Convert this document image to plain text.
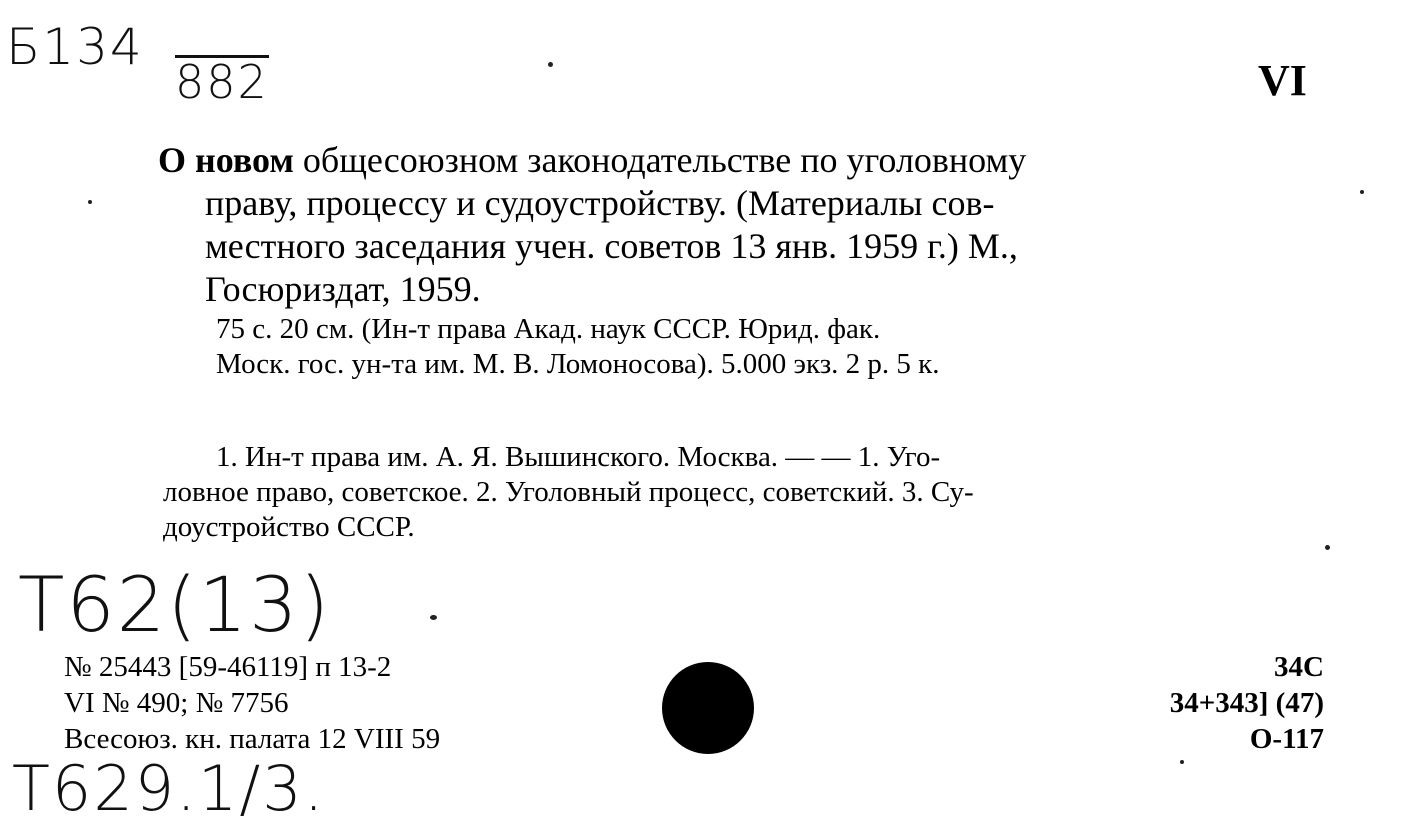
Б134
882	VI
О новом общесоюзном законодательстве по уголовному
праву, процессу и судоустройству. (Материалы сов-
местного заседания учен. советов 13 янв. 1959 г.) М.,
Госюриздат, 1959.
75 с. 20 см. (Ин-т права Акад. наук СССР. Юрид. фак.
Моск. гос. ун-та им. М. В. Ломоносова). 5.000 экз. 2 р. 5 к.
1. Ин-т права им. А. Я. Вышинского. Москва. — — 1. Уго-
ловное право, советское. 2. Уголовный процесс, советский. 3. Су-
доустройство СССР.
Т62(13)
№ 25443 [59-46119] п 13-2
VI № 490; № 7756
Всесоюз. кн. палата 12 VIII 59
34С
34+343] (47)
О-117
Т629.1/3.
